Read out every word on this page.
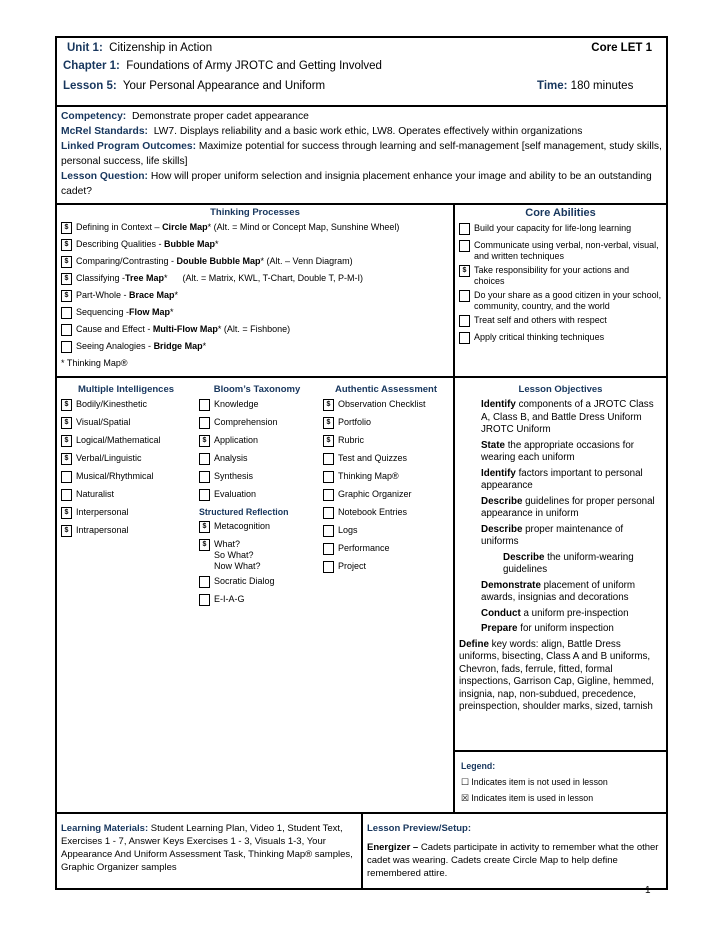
Unit 1: Citizenship in Action	Core LET 1
Chapter 1: Foundations of Army JROTC and Getting Involved
Lesson 5: Your Personal Appearance and Uniform	Time: 180 minutes

Competency: Demonstrate proper cadet appearance

McRel Standards: LW7. Displays reliability and a basic work ethic, LW8. Operates effectively within organizations

Linked Program Outcomes: Maximize potential for success through learning and self-management [self management, study skills, personal success, life skills]

Lesson Question: How will proper uniform selection and insignia placement enhance your image and ability to be an outstanding cadet?

Thinking Processes
$ Defining in Context – Circle Map* (Alt. = Mind or Concept Map, Sunshine Wheel)
$ Describing Qualities - Bubble Map*
$ Comparing/Contrasting - Double Bubble Map* (Alt. – Venn Diagram)
$ Classifying -Tree Map*      (Alt. = Matrix, KWL, T-Chart, Double T, P-M-I)
$ Part-Whole - Brace Map*
Sequencing -Flow Map*
Cause and Effect - Multi-Flow Map* (Alt. = Fishbone)
Seeing Analogies - Bridge Map*
* Thinking Map®
Core Abilities
Build your capacity for life-long learning
Communicate using verbal, non-verbal, visual, and written techniques
$ Take responsibility for your actions and choices
Do your share as a good citizen in your school, community, country, and the world
Treat self and others with respect
Apply critical thinking techniques
Multiple Intelligences
$ Bodily/Kinesthetic
$ Visual/Spatial
$ Logical/Mathematical
$ Verbal/Linguistic
Musical/Rhythmical
Naturalist
$ Interpersonal
$ Intrapersonal
Bloom’s Taxonomy
Knowledge
Comprehension
$ Application
Analysis
Synthesis
Evaluation
Structured Reflection
$ Metacognition
$ What?
So What?
Now What?
Socratic Dialog
E-I-A-G
Authentic Assessment
$ Observation Checklist
$ Portfolio
$ Rubric
Test and Quizzes
Thinking Map®
Graphic Organizer
Notebook Entries
Logs
Performance
Project
Lesson Objectives

Identify components of a JROTC Class A, Class B, and Battle Dress Uniform JROTC Uniform

State the appropriate occasions for wearing each uniform

Identify factors important to personal appearance

Describe guidelines for proper personal appearance in uniform

Describe proper maintenance of uniforms

Describe the uniform-wearing guidelines

Demonstrate placement of uniform awards, insignias and decorations

Conduct a uniform pre-inspection

Prepare for uniform inspection

Define key words: align, Battle Dress uniforms, bisecting, Class A and B uniforms, Chevron, fads, ferrule, fitted, formal inspections, Garrison Cap, Gigline, hemmed, insignia, nap, non-subdued, precedence, preinspection, shoulder marks, sized, tarnish

Legend:
☐ Indicates item is not used in lesson
☒ Indicates item is used in lesson
Learning Materials: Student Learning Plan, Video 1, Student Text, Exercises 1 - 7, Answer Keys Exercises 1 - 3, Visuals 1-3, Your Appearance And Uniform Assessment Task, Thinking Map® samples, Graphic Organizer samples
Lesson Preview/Setup:
Energizer – Cadets participate in activity to remember what the other cadet was wearing. Cadets create Circle Map to help define remembered attire.
1
